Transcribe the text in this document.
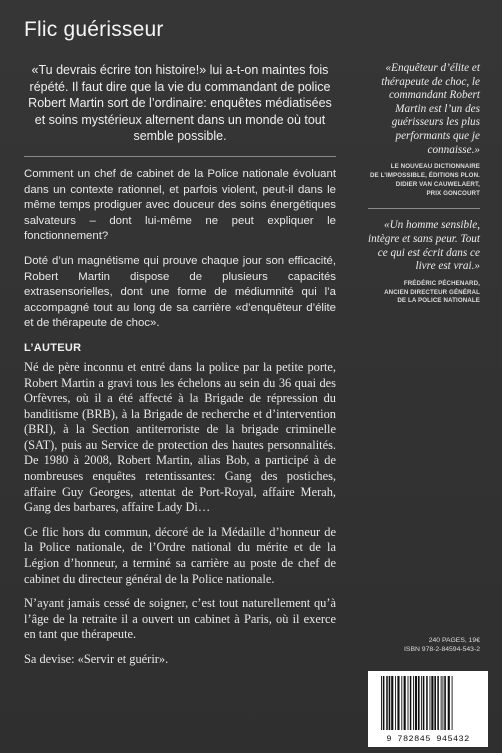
Flic guérisseur

«Tu devrais écrire ton histoire!» lui a-t-on maintes fois répété. Il faut dire que la vie du commandant de police Robert Martin sort de l’ordinaire: enquêtes médiatisées et soins mystérieux alternent dans un monde où tout semble possible.

Comment un chef de cabinet de la Police nationale évoluant dans un contexte rationnel, et parfois violent, peut-il dans le même temps prodiguer avec douceur des soins énergétiques salvateurs – dont lui-même ne peut expliquer le fonctionnement?

Doté d’un magnétisme qui prouve chaque jour son efficacité, Robert Martin dispose de plusieurs capacités extrasensorielles, dont une forme de médiumnité qui l’a accompagné tout au long de sa carrière «d’enquêteur d’élite et de thérapeute de choc».

L’AUTEUR

Né de père inconnu et entré dans la police par la petite porte, Robert Martin a gravi tous les échelons au sein du 36 quai des Orfèvres, où il a été affecté à la Brigade de répression du banditisme (BRB), à la Brigade de recherche et d’intervention (BRI), à la Section antiterroriste de la brigade criminelle (SAT), puis au Service de protection des hautes personnalités. De 1980 à 2008, Robert Martin, alias Bob, a participé à de nombreuses enquêtes retentissantes: Gang des postiches, affaire Guy Georges, attentat de Port-Royal, affaire Merah, Gang des barbares, affaire Lady Di…

Ce flic hors du commun, décoré de la Médaille d’honneur de la Police nationale, de l’Ordre national du mérite et de la Légion d’honneur, a terminé sa carrière au poste de chef de cabinet du directeur général de la Police nationale.

N’ayant jamais cessé de soigner, c’est tout naturellement qu’à l’âge de la retraite il a ouvert un cabinet à Paris, où il exerce en tant que thérapeute.

Sa devise: «Servir et guérir».

«Enquêteur d’élite et thérapeute de choc, le commandant Robert Martin est l’un des guérisseurs les plus performants que je connaisse.»

LE NOUVEAU DICTIONNAIRE

DE L’IMPOSSIBLE, ÉDITIONS PLON.

DIDIER VAN CAUWELAERT,

PRIX GONCOURT

«Un homme sensible, intègre et sans peur. Tout ce qui est écrit dans ce livre est vrai.»

FRÉDÉRIC PÉCHENARD,

ANCIEN DIRECTEUR GÉNÉRAL

DE LA POLICE NATIONALE

240 PAGES, 19€
ISBN 978-2-84594-543-2
9 782845 945432
